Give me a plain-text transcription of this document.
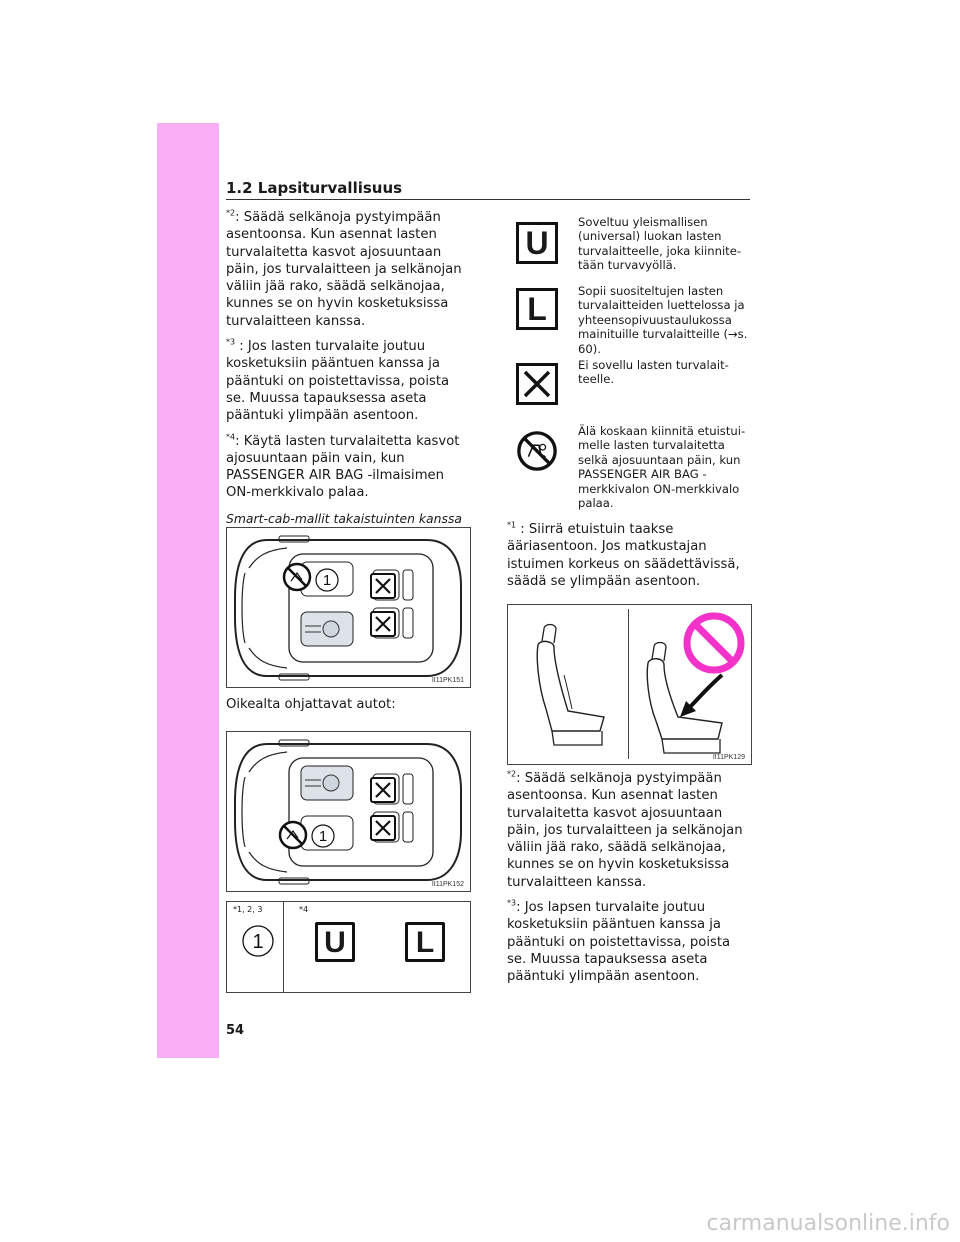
1.2 Lapsiturvallisuus

$^{*2}$: Säädä selkänoja pystyimpään asentoonsa. Kun asennat lasten turvalaitetta kasvot ajosuuntaan päin, jos turvalaitteen ja selkänojan väliin jää rako, säädä selkänojaa, kunnes se on hyvin kosketuksissa turvalaitteen kanssa.

$^{*3}$ : Jos lasten turvalaite joutuu kosketuksiin pääntuen kanssa ja pääntuki on poistettavissa, poista se. Muussa tapauksessa aseta pääntuki ylimpään asentoon.

$^{*4}$: Käytä lasten turvalaitetta kasvot ajosuuntaan päin vain, kun PASSENGER AIR BAG -ilmaisimen ON-merkkivalo palaa.

Smart-cab-mallit takaistuinten kanssa

1
II11PK151

Oikealta ohjattavat autot:

1
II11PK152
*1, 2, 3	*4
1	U	L
U
Soveltuu yleismallisen (universal) luokan lasten turvalaitteelle, joka kiinnite-tään turvavyöllä.
L	Sopii suositeltujen lasten turvalaitteiden luettelossa ja yhteensopivuustaulukossa mainituille turvalaitteille (→s. 60).
Ei sovellu lasten turvalait-teelle.
Älä koskaan kiinnitä etuistui-melle lasten turvalaitetta selkä ajosuuntaan päin, kun PASSENGER AIR BAG -merkkivalon ON-merkkivalo palaa.

$^{*1}$ : Siirrä etuistuin taakse ääriasentoon. Jos matkustajan istuimen korkeus on säädettävissä, säädä se ylimpään asentoon.

II11PK129

$^{*2}$: Säädä selkänoja pystyimpään asentoonsa. Kun asennat lasten turvalaitetta kasvot ajosuuntaan päin, jos turvalaitteen ja selkänojan väliin jää rako, säädä selkänojaa, kunnes se on hyvin kosketuksissa turvalaitteen kanssa.

$^{*3}$: Jos lapsen turvalaite joutuu kosketuksiin pääntuen kanssa ja pääntuki on poistettavissa, poista se. Muussa tapauksessa aseta pääntuki ylimpään asentoon.

54
carmanualsonline.info
